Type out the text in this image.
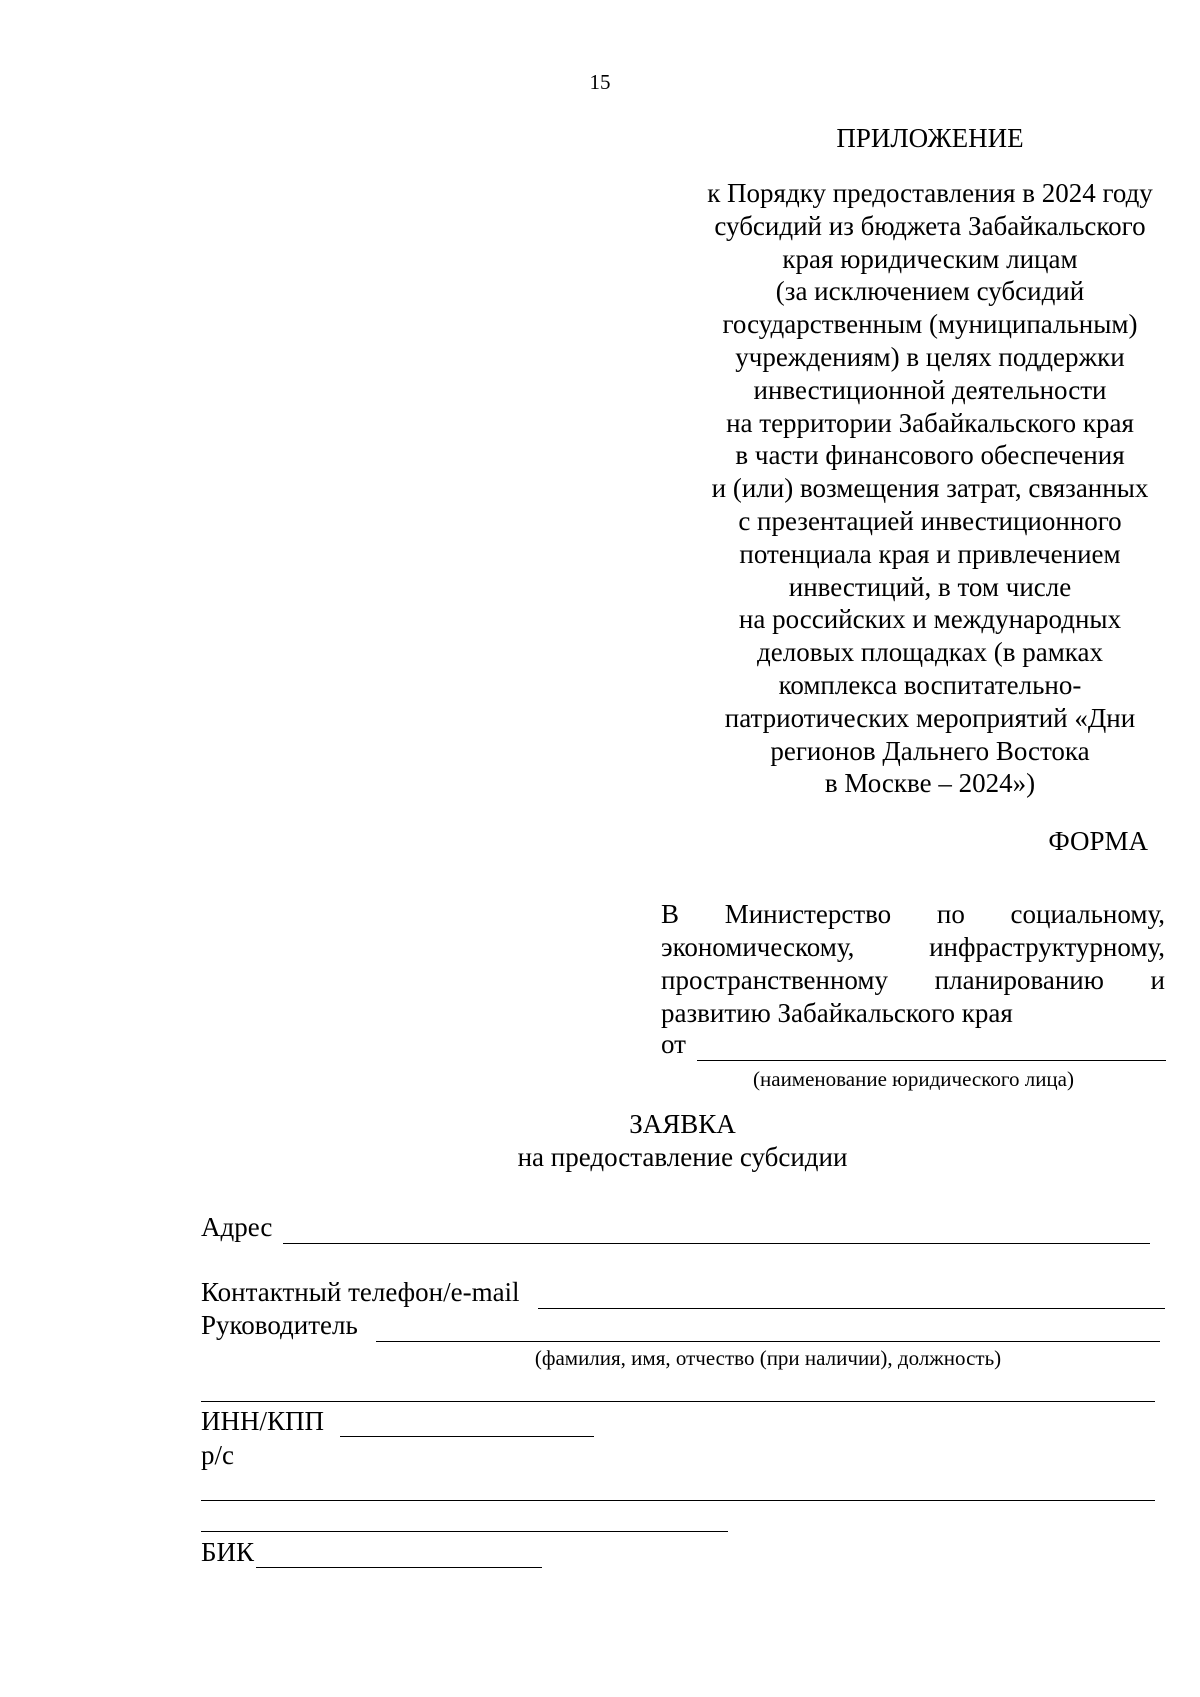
15
ПРИЛОЖЕНИЕ
к Порядку предоставления в 2024 году
субсидий из бюджета Забайкальского
края юридическим лицам
(за исключением субсидий
государственным (муниципальным)
учреждениям) в целях поддержки
инвестиционной деятельности
на территории Забайкальского края
в части финансового обеспечения
и (или) возмещения затрат, связанных
с презентацией инвестиционного
потенциала края и привлечением
инвестиций, в том числе
на российских и международных
деловых площадках (в рамках
комплекса воспитательно-
патриотических мероприятий «Дни
регионов Дальнего Востока
в Москве – 2024»)
ФОРМА
В Министерство по социальному,
экономическому, инфраструктурному,
пространственному планированию и
развитию Забайкальского края
от
(наименование юридического лица)
ЗАЯВКА
на предоставление субсидии
Адрес
Контактный телефон/e-mail
Руководитель
(фамилия, имя, отчество (при наличии), должность)
ИНН/КПП
р/с
БИК
